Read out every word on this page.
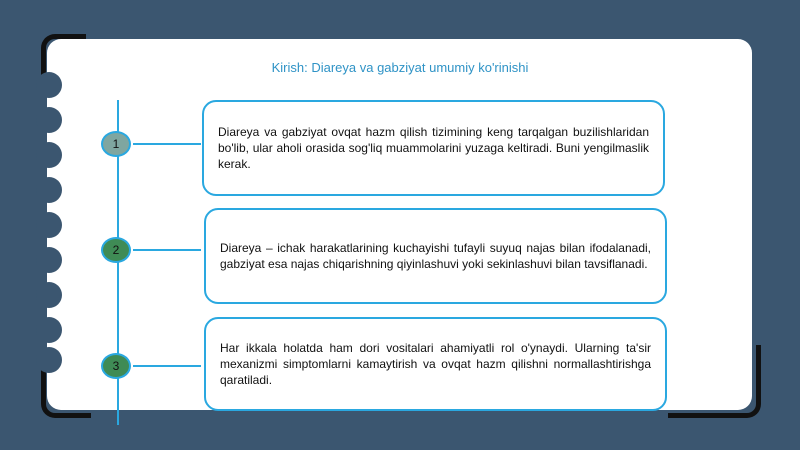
Kirish: Diareya va gabziyat umumiy ko'rinishi
1
2
3

Diareya va gabziyat ovqat hazm qilish tizimining keng tarqalgan buzilishlaridan bo'lib, ular aholi orasida sog'liq muammolarini yuzaga keltiradi. Buni yengilmaslik kerak.

Diareya – ichak harakatlarining kuchayishi tufayli suyuq najas bilan ifodalanadi, gabziyat esa najas chiqarishning qiyinlashuvi yoki sekinlashuvi bilan tavsiflanadi.

Har ikkala holatda ham dori vositalari ahamiyatli rol o'ynaydi. Ularning ta'sir mexanizmi simptomlarni kamaytirish va ovqat hazm qilishni normallashtirishga qaratiladi.
